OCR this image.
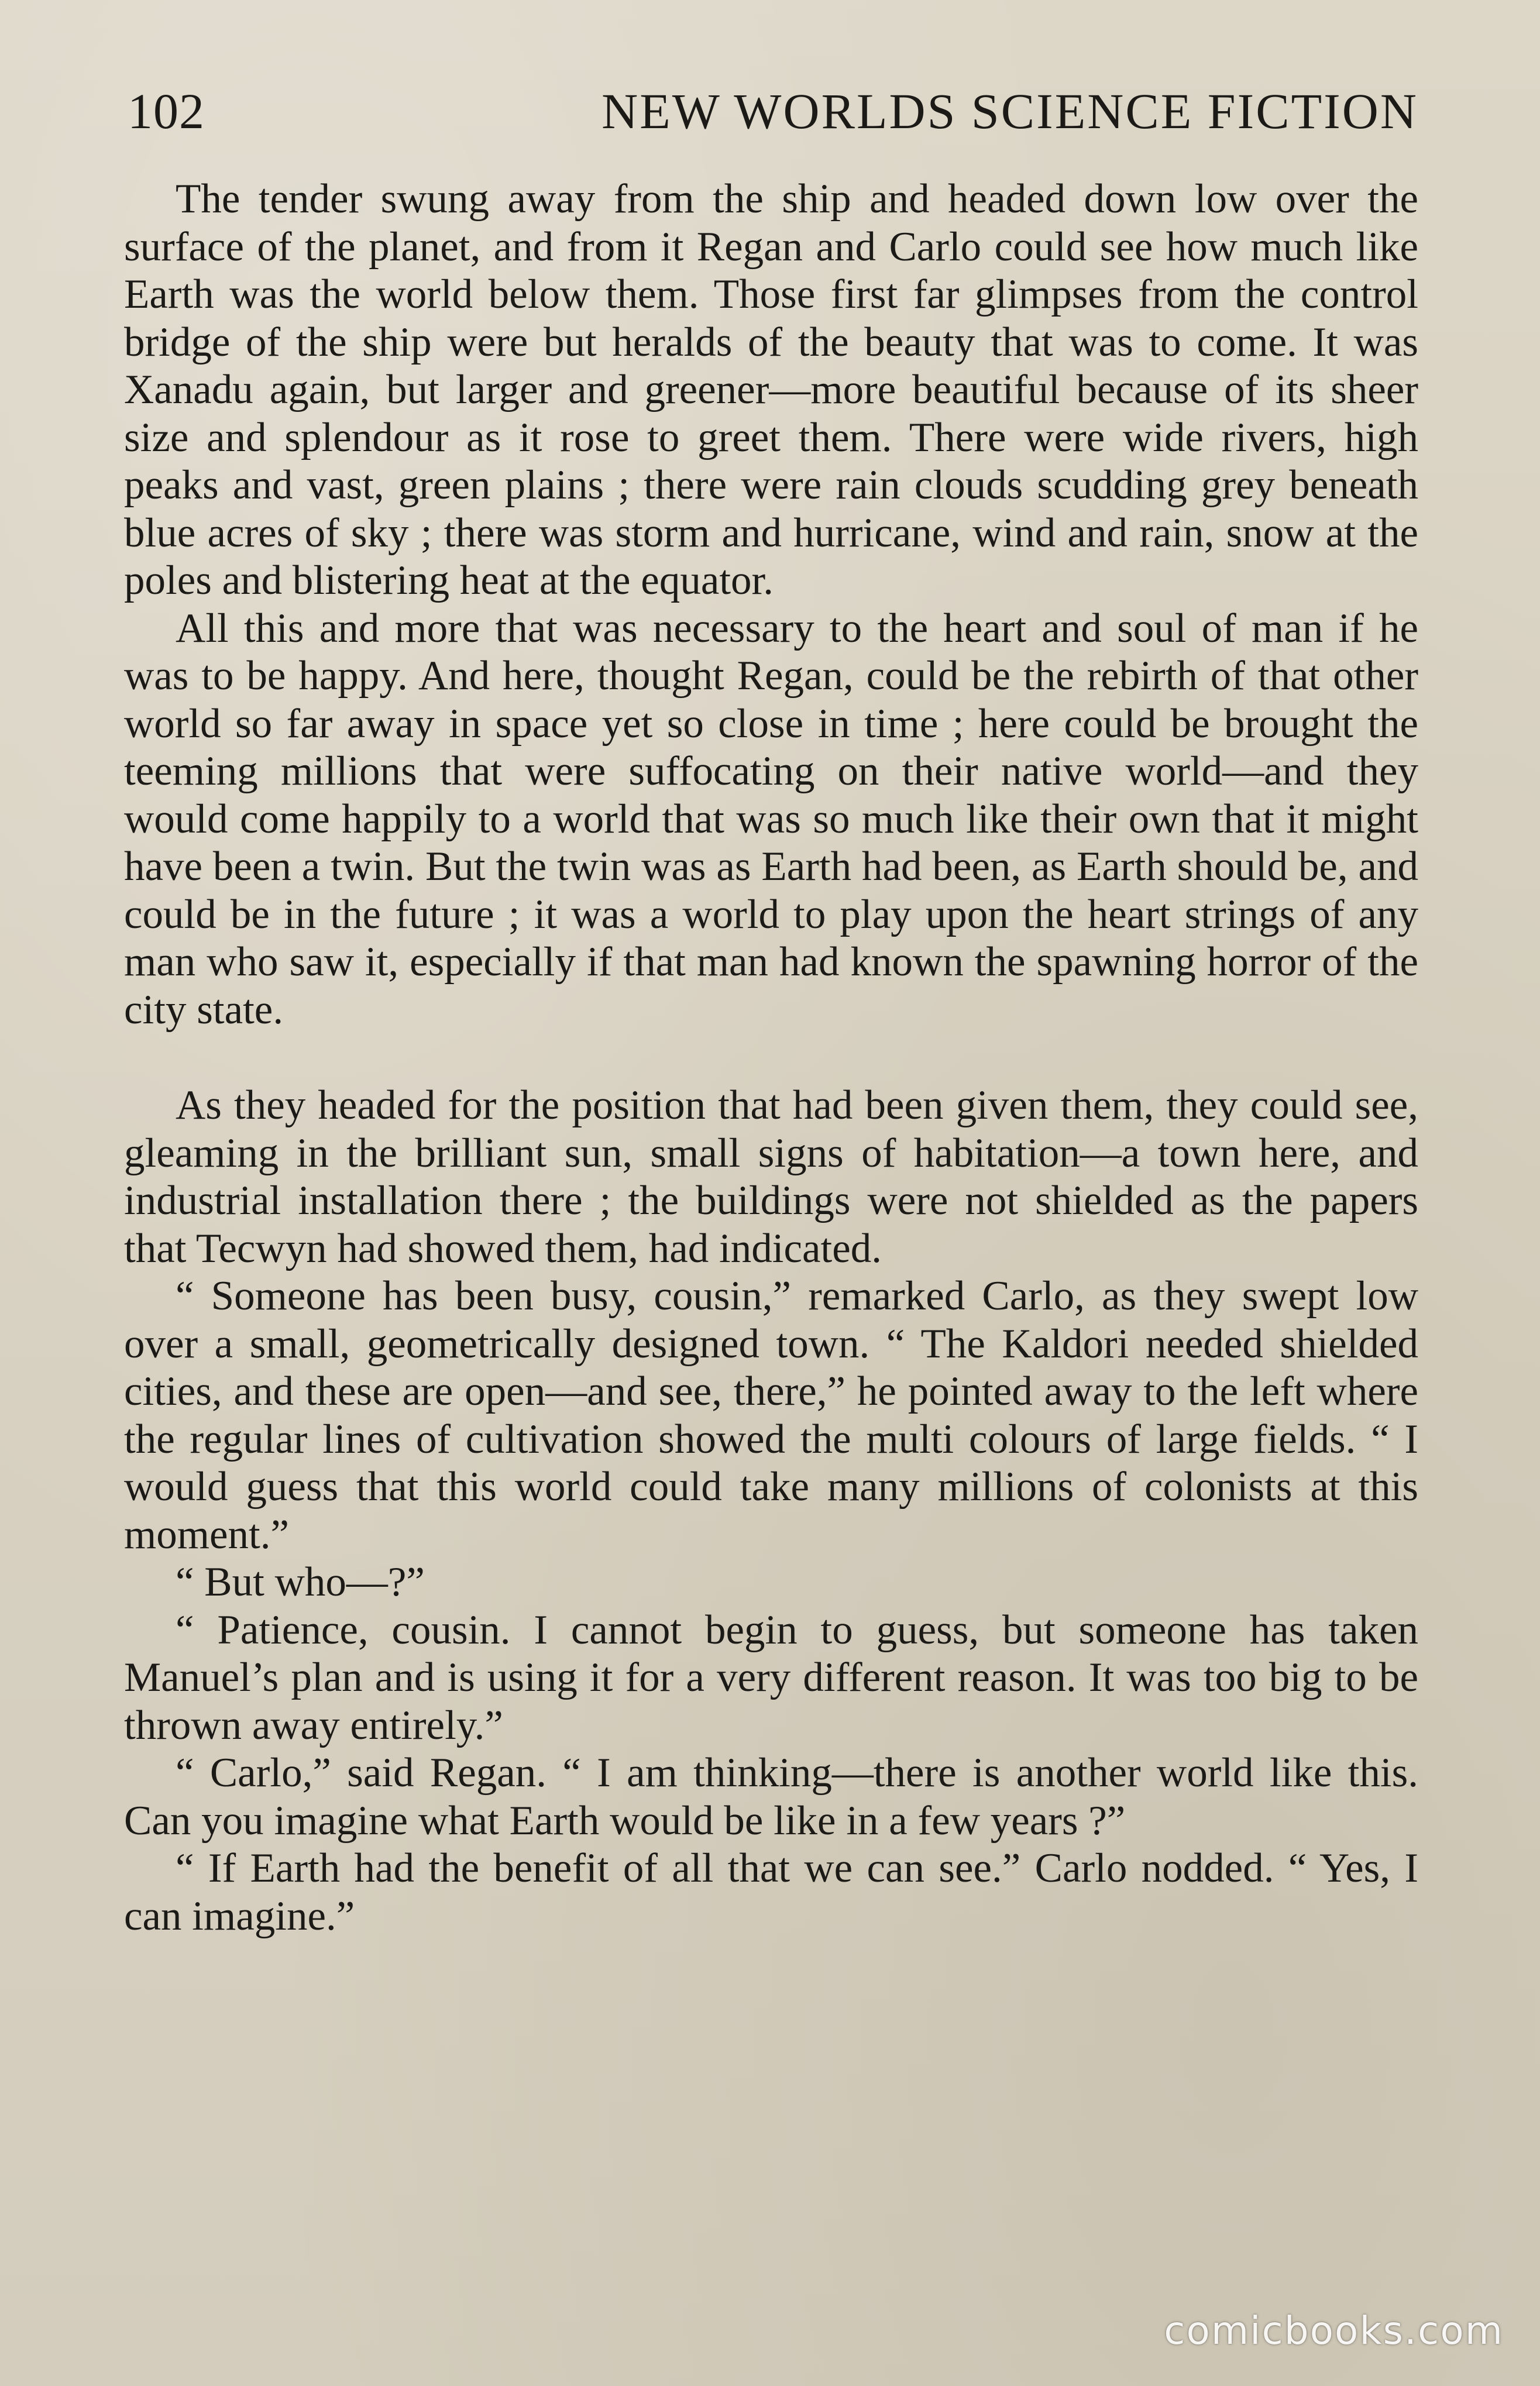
102	NEW WORLDS SCIENCE FICTION

The tender swung away from the ship and headed down low over the surface of the planet, and from it Regan and Carlo could see how much like Earth was the world below them. Those first far glimpses from the control bridge of the ship were but heralds of the beauty that was to come. It was Xanadu again, but larger and greener—more beautiful because of its sheer size and splendour as it rose to greet them. There were wide rivers, high peaks and vast, green plains ; there were rain clouds scudding grey beneath blue acres of sky ; there was storm and hurricane, wind and rain, snow at the poles and blistering heat at the equator.

All this and more that was necessary to the heart and soul of man if he was to be happy. And here, thought Regan, could be the rebirth of that other world so far away in space yet so close in time ; here could be brought the teeming millions that were suffocating on their native world—and they would come happily to a world that was so much like their own that it might have been a twin. But the twin was as Earth had been, as Earth should be, and could be in the future ; it was a world to play upon the heart strings of any man who saw it, especially if that man had known the spawning horror of the city state.

As they headed for the position that had been given them, they could see, gleaming in the brilliant sun, small signs of habitation—a town here, and industrial installation there ; the buildings were not shielded as the papers that Tecwyn had showed them, had indicated.

“ Someone has been busy, cousin,” remarked Carlo, as they swept low over a small, geometrically designed town. “ The Kaldori needed shielded cities, and these are open—and see, there,” he pointed away to the left where the regular lines of cultivation showed the multi colours of large fields. “ I would guess that this world could take many millions of colonists at this moment.”

“ But who—?”

“ Patience, cousin. I cannot begin to guess, but someone has taken Manuel’s plan and is using it for a very different reason. It was too big to be thrown away entirely.”

“ Carlo,” said Regan. “ I am thinking—there is another world like this. Can you imagine what Earth would be like in a few years ?”

“ If Earth had the benefit of all that we can see.” Carlo nodded. “ Yes, I can imagine.”

comicbooks.com
